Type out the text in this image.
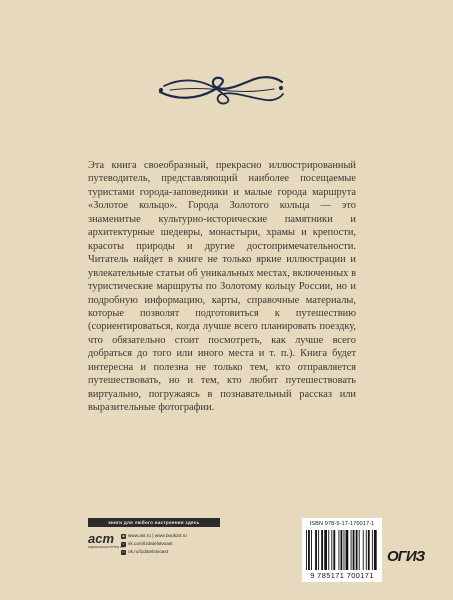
Эта книга своеобразный, прекрасно иллюстрированный путеводитель, представляющий наиболее посещаемые туристами города-заповедники и малые города маршрута «Золотое кольцо». Города Золотого кольца — это знаменитые культурно-исторические памятники и архитектурные шедевры, монастыри, храмы и крепости, красоты природы и другие достопримечательности. Читатель найдет в книге не только яркие иллюстрации и увлекательные статьи об уникальных местах, включенных в туристические маршруты по Золотому кольцу России, но и подробную информацию, карты, справочные материалы, которые позволят подготовиться к путешествию (сориентироваться, когда лучше всего планировать поездку, что обязательно стоит посмотреть, как лучше всего добраться до того или иного места и т. п.). Книга будет интересна и полезна не только тем, кто отправляется путешествовать, но и тем, кто любит путешествовать виртуально, погружаясь в познавательный рассказ или выразительные фотографии.

книги для любого настроения здесь
аст
ИЗДАТЕЛЬСКАЯ ГРУППА АСТ
◉ www.ast.ru | www.book24.ru
v vk.com/izdatelstvoast
o ok.ru/izdatelstvoast
ISBN 978-5-17-170017-1
9 785171 700171
ОГИЗ
